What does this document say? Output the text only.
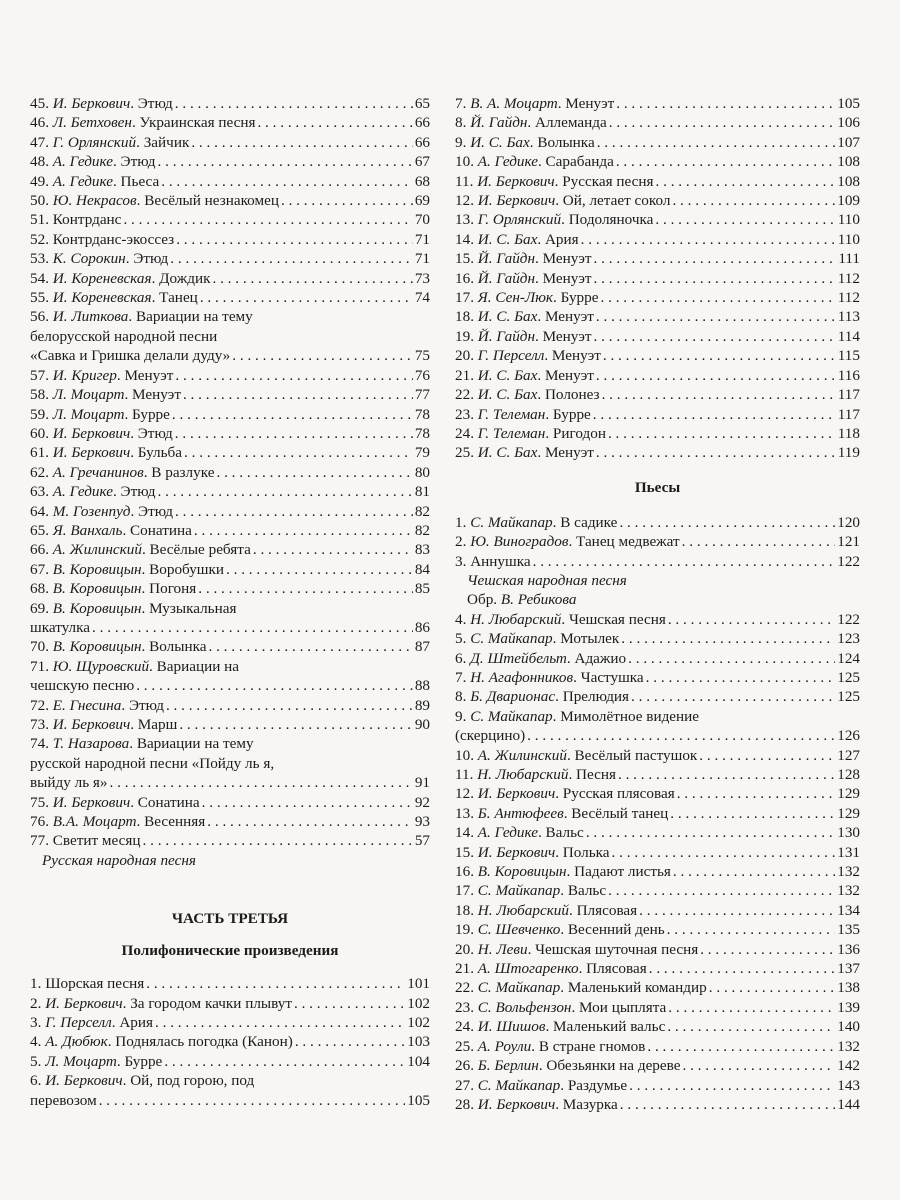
45. И. Беркович. Этюд . . .	65
46. Л. Бетховен. Украинская песня . . .	66
47. Г. Орлянский. Зайчик . . .	66
48. А. Гедике. Этюд . . .	67
49. А. Гедике. Пьеса . . .	68
50. Ю. Некрасов. Весёлый незнакомец . . .	69
51. Контрданс . . .	70
52. Контрданс-экоссез . . .	71
53. К. Сорокин. Этюд . . .	71
54. И. Кореневская. Дождик . . .	73
55. И. Кореневская. Танец . . .	74
56. И. Литкова. Вариации на тему
белорусской народной песни
«Савка и Гришка делали дуду» . . .	75
57. И. Кригер. Менуэт . . .	76
58. Л. Моцарт. Менуэт . . .	77
59. Л. Моцарт. Бурре . . .	78
60. И. Беркович. Этюд . . .	78
61. И. Беркович. Бульба . . .	79
62. А. Гречанинов. В разлуке . . .	80
63. А. Гедике. Этюд . . .	81
64. М. Гозенпуд. Этюд . . .	82
65. Я. Ванхаль. Сонатина . . .	82
66. А. Жилинский. Весёлые ребята . . .	83
67. В. Коровицын. Воробушки . . .	84
68. В. Коровицын. Погоня . . .	85
69. В. Коровицын. Музыкальная
шкатулка . . .	86
70. В. Коровицын. Волынка . . .	87
71. Ю. Щуровский. Вариации на
чешскую песню . . .	88
72. Е. Гнесина. Этюд . . .	89
73. И. Беркович. Марш . . .	90
74. Т. Назарова. Вариации на тему
русской народной песни «Пойду ль я,
выйду ль я» . . .	91
75. И. Беркович. Сонатина . . .	92
76. В.А. Моцарт. Весенняя . . .	93
77. Светит месяц . . .	57
Русская народная песня
ЧАСТЬ ТРЕТЬЯ
Полифонические произведения
1. Шорская песня . . .	101
2. И. Беркович. За городом качки плывут . . .	102
3. Г. Перселл. Ария . . .	102
4. А. Дюбюк. Поднялась погодка (Канон) . . .	103
5. Л. Моцарт. Бурре . . .	104
6. И. Беркович. Ой, под горою, под
перевозом . . .	105
7. В. А. Моцарт. Менуэт . . .	105
8. Й. Гайдн. Аллеманда . . .	106
9. И. С. Бах. Волынка . . .	107
10. А. Гедике. Сарабанда . . .	108
11. И. Беркович. Русская песня . . .	108
12. И. Беркович. Ой, летает сокол . . .	109
13. Г. Орлянский. Подоляночка . . .	110
14. И. С. Бах. Ария . . .	110
15. Й. Гайдн. Менуэт . . .	111
16. Й. Гайдн. Менуэт . . .	112
17. Я. Сен-Люк. Бурре . . .	112
18. И. С. Бах. Менуэт . . .	113
19. Й. Гайдн. Менуэт . . .	114
20. Г. Перселл. Менуэт . . .	115
21. И. С. Бах. Менуэт . . .	116
22. И. С. Бах. Полонез . . .	117
23. Г. Телеман. Бурре . . .	117
24. Г. Телеман. Ригодон . . .	118
25. И. С. Бах. Менуэт . . .	119
Пьесы
1. С. Майкапар. В садике . . .	120
2. Ю. Виноградов. Танец медвежат . . .	121
3. Аннушка . . .	122
Чешская народная песня
Обр. В. Ребикова
4. Н. Любарский. Чешская песня . . .	122
5. С. Майкапар. Мотылек . . .	123
6. Д. Штейбельт. Адажио . . .	124
7. Н. Агафонников. Частушка . . .	125
8. Б. Дварионас. Прелюдия . . .	125
9. С. Майкапар. Мимолётное видение
(скерцино) . . .	126
10. А. Жилинский. Весёлый пастушок . . .	127
11. Н. Любарский. Песня . . .	128
12. И. Беркович. Русская плясовая . . .	129
13. Б. Антюфеев. Весёлый танец . . .	129
14. А. Гедике. Вальс . . .	130
15. И. Беркович. Полька . . .	131
16. В. Коровицын. Падают листья . . .	132
17. С. Майкапар. Вальс . . .	132
18. Н. Любарский. Плясовая . . .	134
19. С. Шевченко. Весенний день . . .	135
20. Н. Леви. Чешская шуточная песня . . .	136
21. А. Штогаренко. Плясовая . . .	137
22. С. Майкапар. Маленький командир . . .	138
23. С. Вольфензон. Мои цыплята . . .	139
24. И. Шишов. Маленький вальс . . .	140
25. А. Роули. В стране гномов . . .	132
26. Б. Берлин. Обезьянки на дереве . . .	142
27. С. Майкапар. Раздумье . . .	143
28. И. Беркович. Мазурка . . .	144
